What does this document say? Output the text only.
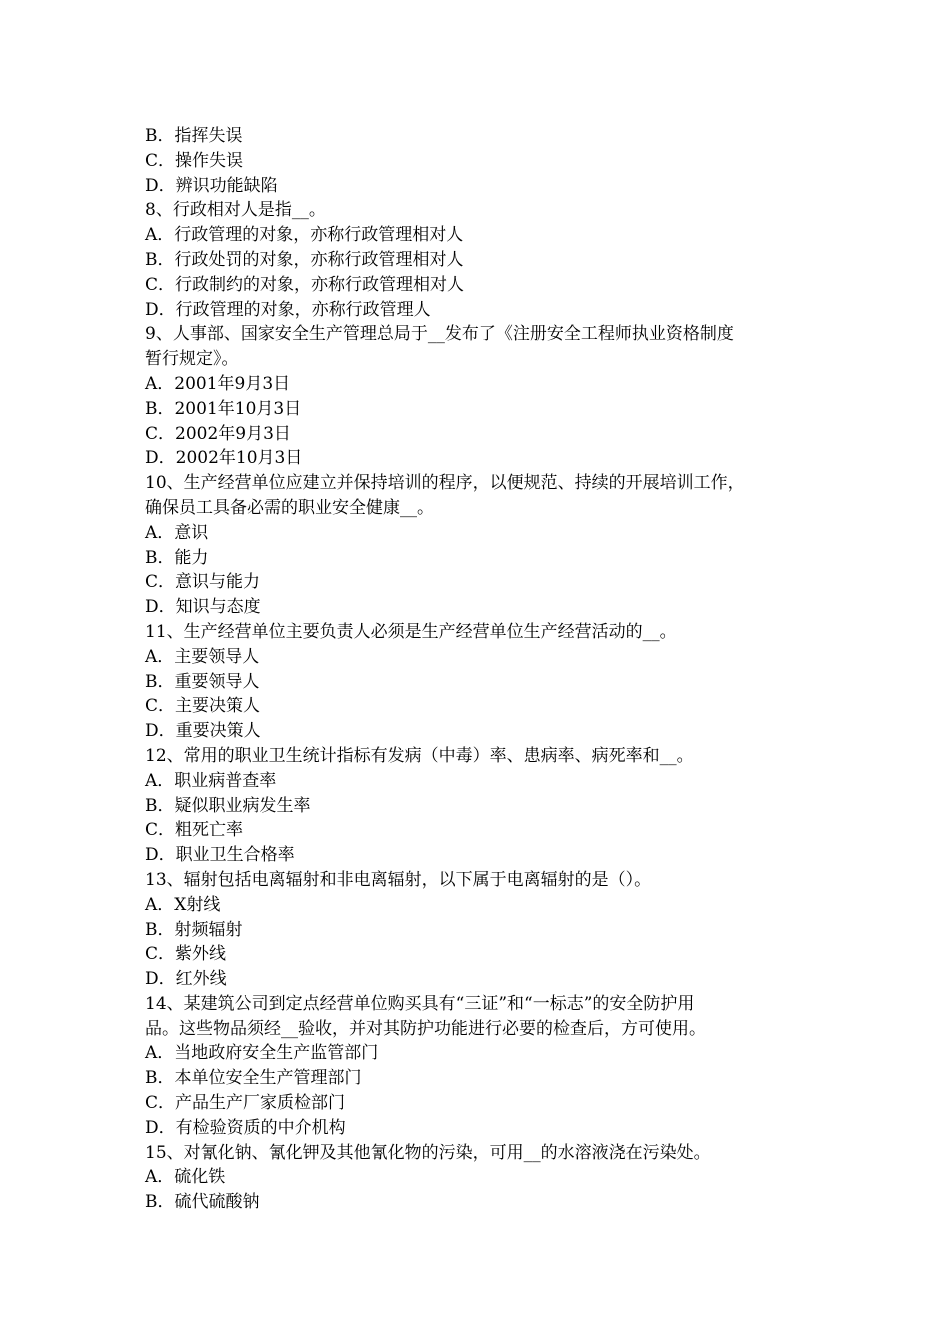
B．指挥失误
C．操作失误
D．辨识功能缺陷
8、行政相对人是指__。
A．行政管理的对象，亦称行政管理相对人
B．行政处罚的对象，亦称行政管理相对人
C．行政制约的对象，亦称行政管理相对人
D．行政管理的对象，亦称行政管理人
9、人事部、国家安全生产管理总局于__发布了《注册安全工程师执业资格制度
暂行规定》。
A．2001年9月3日
B．2001年10月3日
C．2002年9月3日
D．2002年10月3日
10、生产经营单位应建立并保持培训的程序，以便规范、持续的开展培训工作，
确保员工具备必需的职业安全健康__。
A．意识
B．能力
C．意识与能力
D．知识与态度
11、生产经营单位主要负责人必须是生产经营单位生产经营活动的__。
A．主要领导人
B．重要领导人
C．主要决策人
D．重要决策人
12、常用的职业卫生统计指标有发病（中毒）率、患病率、病死率和__。
A．职业病普查率
B．疑似职业病发生率
C．粗死亡率
D．职业卫生合格率
13、辐射包括电离辐射和非电离辐射，以下属于电离辐射的是（）。
A．X射线
B．射频辐射
C．紫外线
D．红外线
14、某建筑公司到定点经营单位购买具有“三证”和“一标志”的安全防护用
品。这些物品须经__验收，并对其防护功能进行必要的检查后，方可使用。
A．当地政府安全生产监管部门
B．本单位安全生产管理部门
C．产品生产厂家质检部门
D．有检验资质的中介机构
15、对氰化钠、氰化钾及其他氰化物的污染，可用__的水溶液浇在污染处。
A．硫化铁
B．硫代硫酸钠
